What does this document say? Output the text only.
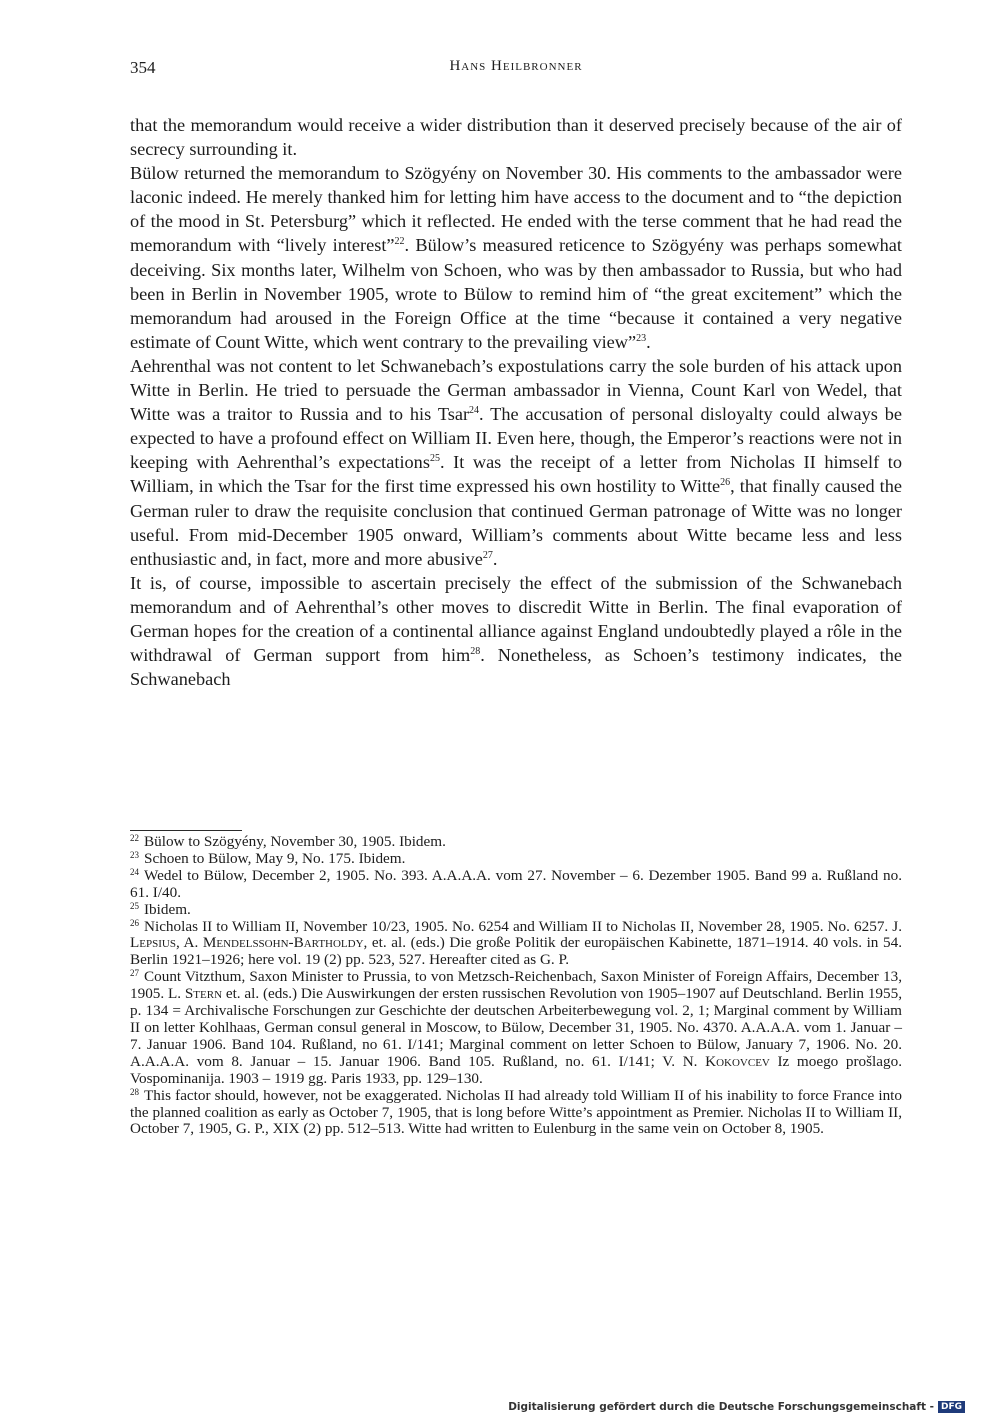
354	Hans Heilbronner

that the memorandum would receive a wider distribution than it deserved precisely because of the air of secrecy surrounding it.

Bülow returned the memorandum to Szögyény on November 30. His comments to the ambassador were laconic indeed. He merely thanked him for letting him have access to the document and to “the depiction of the mood in St. Petersburg” which it reflected. He ended with the terse comment that he had read the memorandum with “lively interest”$^{22}$. Bülow’s measured reticence to Szögyény was perhaps somewhat deceiving. Six months later, Wilhelm von Schoen, who was by then ambassador to Russia, but who had been in Berlin in November 1905, wrote to Bülow to remind him of “the great excitement” which the memorandum had aroused in the Foreign Office at the time “because it contained a very negative estimate of Count Witte, which went contrary to the prevailing view”$^{23}$.

Aehrenthal was not content to let Schwanebach’s expostulations carry the sole burden of his attack upon Witte in Berlin. He tried to persuade the German ambassador in Vienna, Count Karl von Wedel, that Witte was a traitor to Russia and to his Tsar$^{24}$. The accusation of personal disloyalty could always be expected to have a profound effect on William II. Even here, though, the Emperor’s reactions were not in keeping with Aehrenthal’s expectations$^{25}$. It was the receipt of a letter from Nicholas II himself to William, in which the Tsar for the first time expressed his own hostility to Witte$^{26}$, that finally caused the German ruler to draw the requisite conclusion that continued German patronage of Witte was no longer useful. From mid-December 1905 onward, William’s comments about Witte became less and less enthusiastic and, in fact, more and more abusive$^{27}$.

It is, of course, impossible to ascertain precisely the effect of the submission of the Schwanebach memorandum and of Aehrenthal’s other moves to discredit Witte in Berlin. The final evaporation of German hopes for the creation of a continental alliance against England undoubtedly played a rôle in the withdrawal of German support from him$^{28}$. Nonetheless, as Schoen’s testimony indicates, the Schwanebach

$^{22}$ Bülow to Szögyény, November 30, 1905. Ibidem.

$^{23}$ Schoen to Bülow, May 9, No. 175. Ibidem.

$^{24}$ Wedel to Bülow, December 2, 1905. No. 393. A.A.A.A. vom 27. November – 6. Dezember 1905. Band 99 a. Rußland no. 61. I/40.

$^{25}$ Ibidem.

$^{26}$ Nicholas II to William II, November 10/23, 1905. No. 6254 and William II to Nicholas II, November 28, 1905. No. 6257. J. Lepsius, A. Mendelssohn-Bartholdy, et. al. (eds.) Die große Politik der europäischen Kabinette, 1871–1914. 40 vols. in 54. Berlin 1921–1926; here vol. 19 (2) pp. 523, 527. Hereafter cited as G. P.

$^{27}$ Count Vitzthum, Saxon Minister to Prussia, to von Metzsch-Reichenbach, Saxon Minister of Foreign Affairs, December 13, 1905. L. Stern et. al. (eds.) Die Auswirkungen der ersten russischen Revolution von 1905–1907 auf Deutschland. Berlin 1955, p. 134 = Archivalische Forschungen zur Geschichte der deutschen Arbeiterbewegung vol. 2, 1; Marginal comment by William II on letter Kohlhaas, German consul general in Moscow, to Bülow, December 31, 1905. No. 4370. A.A.A.A. vom 1. Januar – 7. Januar 1906. Band 104. Rußland, no 61. I/141; Marginal comment on letter Schoen to Bülow, January 7, 1906. No. 20. A.A.A.A. vom 8. Januar – 15. Januar 1906. Band 105. Rußland, no. 61. I/141; V. N. Kokovcev Iz moego prošlago. Vospominanija. 1903 – 1919 gg. Paris 1933, pp. 129–130.

$^{28}$ This factor should, however, not be exaggerated. Nicholas II had already told William II of his inability to force France into the planned coalition as early as October 7, 1905, that is long before Witte’s appointment as Premier. Nicholas II to William II, October 7, 1905, G. P., XIX (2) pp. 512–513. Witte had written to Eulenburg in the same vein on October 8, 1905.

Digitalisierung gefördert durch die Deutsche Forschungsgemeinschaft - DFG
